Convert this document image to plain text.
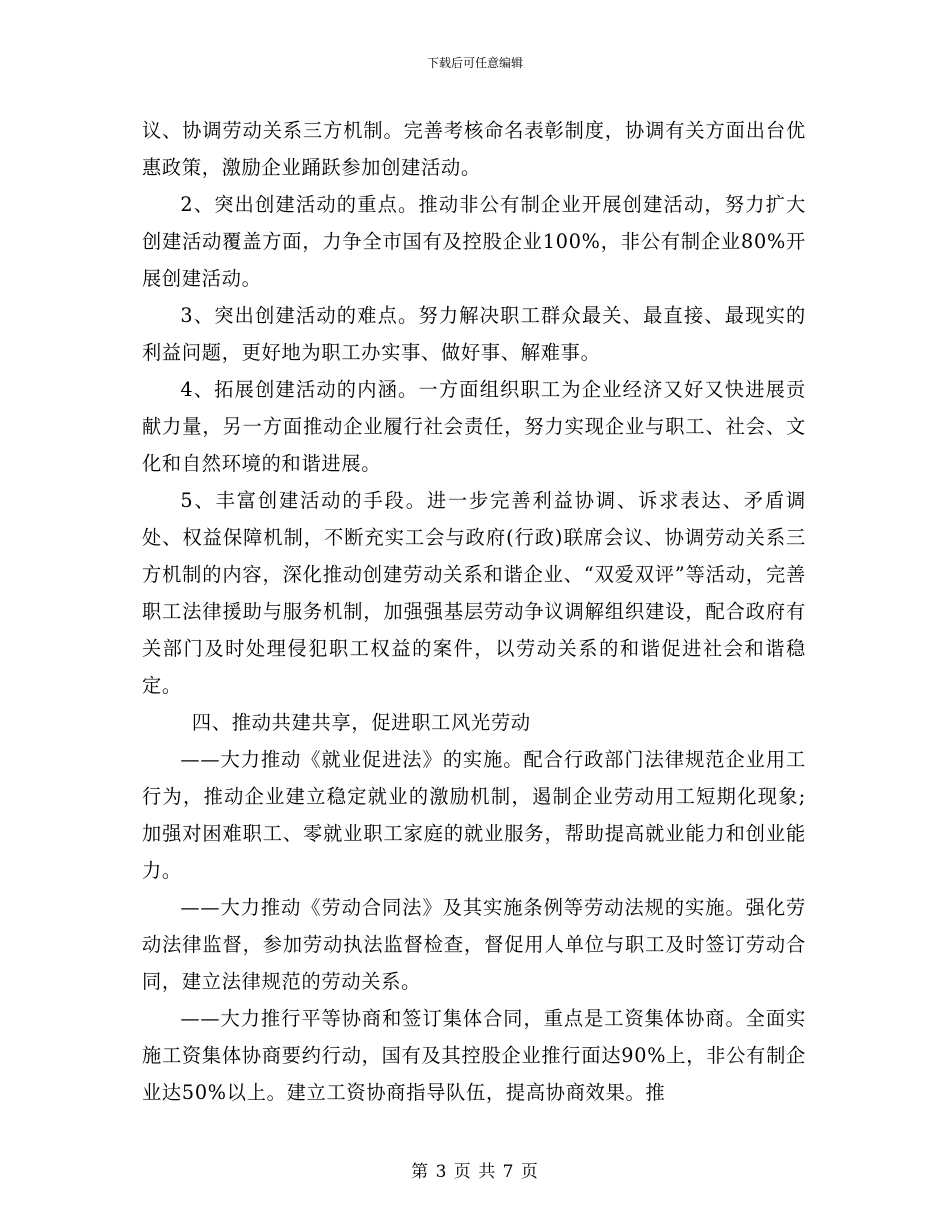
下载后可任意编辑

议、协调劳动关系三方机制。完善考核命名表彰制度，协调有关方面出台优惠政策，激励企业踊跃参加创建活动。

2、突出创建活动的重点。推动非公有制企业开展创建活动，努力扩大创建活动覆盖方面，力争全市国有及控股企业100%，非公有制企业80%开展创建活动。

3、突出创建活动的难点。努力解决职工群众最关、最直接、最现实的利益问题，更好地为职工办实事、做好事、解难事。

4、拓展创建活动的内涵。一方面组织职工为企业经济又好又快进展贡献力量，另一方面推动企业履行社会责任，努力实现企业与职工、社会、文化和自然环境的和谐进展。

5、丰富创建活动的手段。进一步完善利益协调、诉求表达、矛盾调处、权益保障机制，不断充实工会与政府(行政)联席会议、协调劳动关系三方机制的内容，深化推动创建劳动关系和谐企业、“双爱双评”等活动，完善职工法律援助与服务机制，加强强基层劳动争议调解组织建设，配合政府有关部门及时处理侵犯职工权益的案件，以劳动关系的和谐促进社会和谐稳定。

四、推动共建共享，促进职工风光劳动

——大力推动《就业促进法》的实施。配合行政部门法律规范企业用工行为，推动企业建立稳定就业的激励机制，遏制企业劳动用工短期化现象;加强对困难职工、零就业职工家庭的就业服务，帮助提高就业能力和创业能力。

——大力推动《劳动合同法》及其实施条例等劳动法规的实施。强化劳动法律监督，参加劳动执法监督检查，督促用人单位与职工及时签订劳动合同，建立法律规范的劳动关系。

——大力推行平等协商和签订集体合同，重点是工资集体协商。全面实施工资集体协商要约行动，国有及其控股企业推行面达90%上，非公有制企业达50%以上。建立工资协商指导队伍，提高协商效果。推

第 3 页 共 7 页
